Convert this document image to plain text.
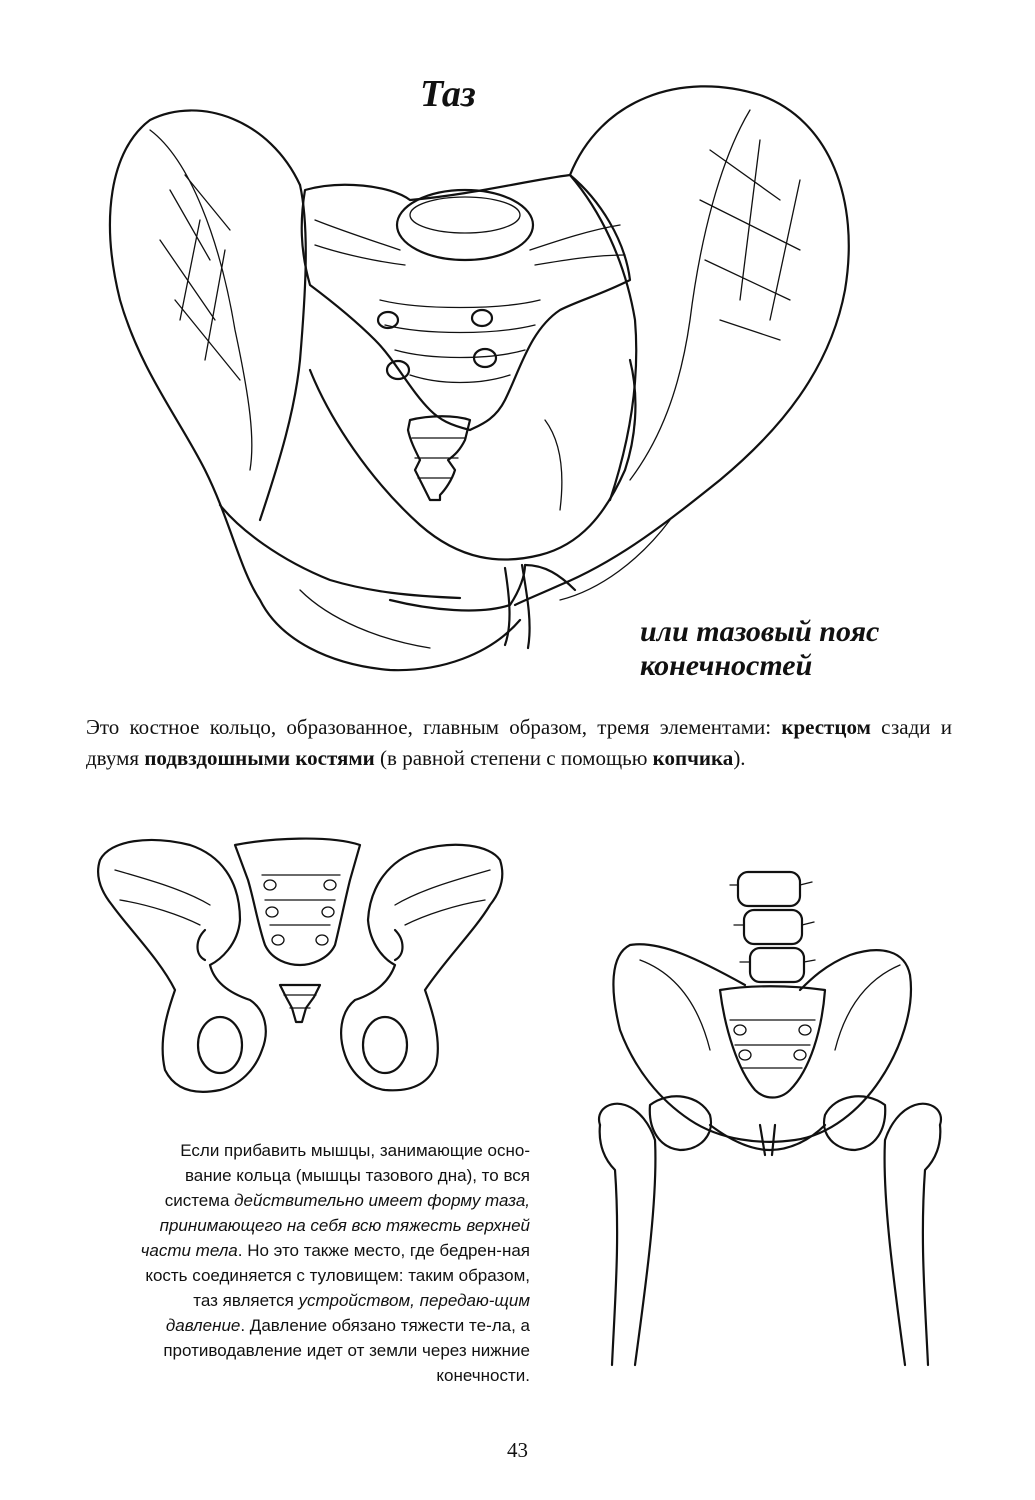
Таз
или тазовый пояс
конечностей
Это костное кольцо, образованное, главным образом, тремя элементами: крестцом сзади и двумя подвздошными костями (в равной степени с помощью копчика).
Если прибавить мышцы, занимающие осно-вание кольца (мышцы тазового дна), то вся система действительно имеет форму таза, принимающего на себя всю тяжесть верхней части тела. Но это также место, где бедрен-ная кость соединяется с туловищем: таким образом, таз является устройством, передаю-щим давление. Давление обязано тяжести те-ла, а противодавление идет от земли через нижние конечности.
43
